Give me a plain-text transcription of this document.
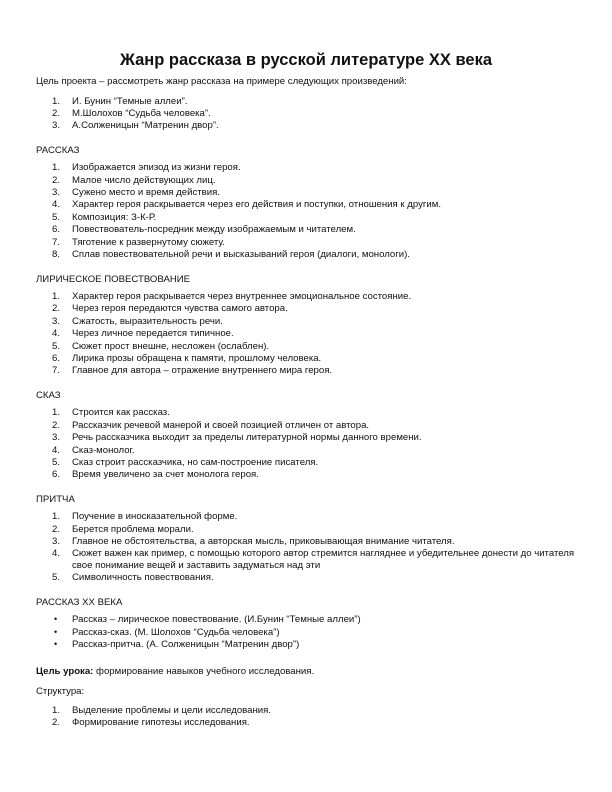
Жанр рассказа в русской литературе XX века

Цель проекта – рассмотреть жанр рассказа на примере следующих произведений:

1. И. Бунин “Темные аллеи”.
2. М.Шолохов “Судьба человека”.
3. А.Солженицын “Матренин двор”.

РАССКАЗ

1. Изображается эпизод из жизни героя.
2. Малое число действующих лиц.
3. Сужено место и время действия.
4. Характер героя раскрывается через его действия и поступки, отношения к другим.
5. Композиция: З-К-Р.
6. Повествователь-посредник между изображаемым и читателем.
7. Тяготение к развернутому сюжету.
8. Сплав повествовательной речи и высказываний героя (диалоги, монологи).

ЛИРИЧЕСКОЕ ПОВЕСТВОВАНИЕ

1. Характер героя раскрывается через внутреннее эмоциональное состояние.
2. Через героя передаются чувства самого автора.
3. Сжатость, выразительность речи.
4. Через личное передается типичное.
5. Сюжет прост внешне, несложен (ослаблен).
6. Лирика прозы обращена к памяти, прошлому человека.
7. Главное для автора – отражение внутреннего мира героя.

СКАЗ

1. Строится как рассказ.
2. Рассказчик речевой манерой и своей позицией отличен от автора.
3. Речь рассказчика выходит за пределы литературной нормы данного времени.
4. Сказ-монолог.
5. Сказ строит рассказчика, но сам-построение писателя.
6. Время увеличено за счет монолога героя.

ПРИТЧА

1. Поучение в иносказательной форме.
2. Берется проблема морали.
3. Главное не обстоятельства, а авторская мысль, приковывающая внимание читателя.
4. Сюжет важен как пример, с помощью которого автор стремится нагляднее и убедительнее донести до читателя свое понимание вещей и заставить задуматься над эти
5. Символичность повествования.

РАССКАЗ XX ВЕКА

• Рассказ – лирическое повествование. (И.Бунин “Темные аллеи”)
• Рассказ-сказ. (М. Шолохов “Судьба человека”)
• Рассказ-притча. (А. Солженицын “Матренин двор”)

Цель урока: формирование навыков учебного исследования.

Структура:

1. Выделение проблемы и цели исследования.
2. Формирование гипотезы исследования.
